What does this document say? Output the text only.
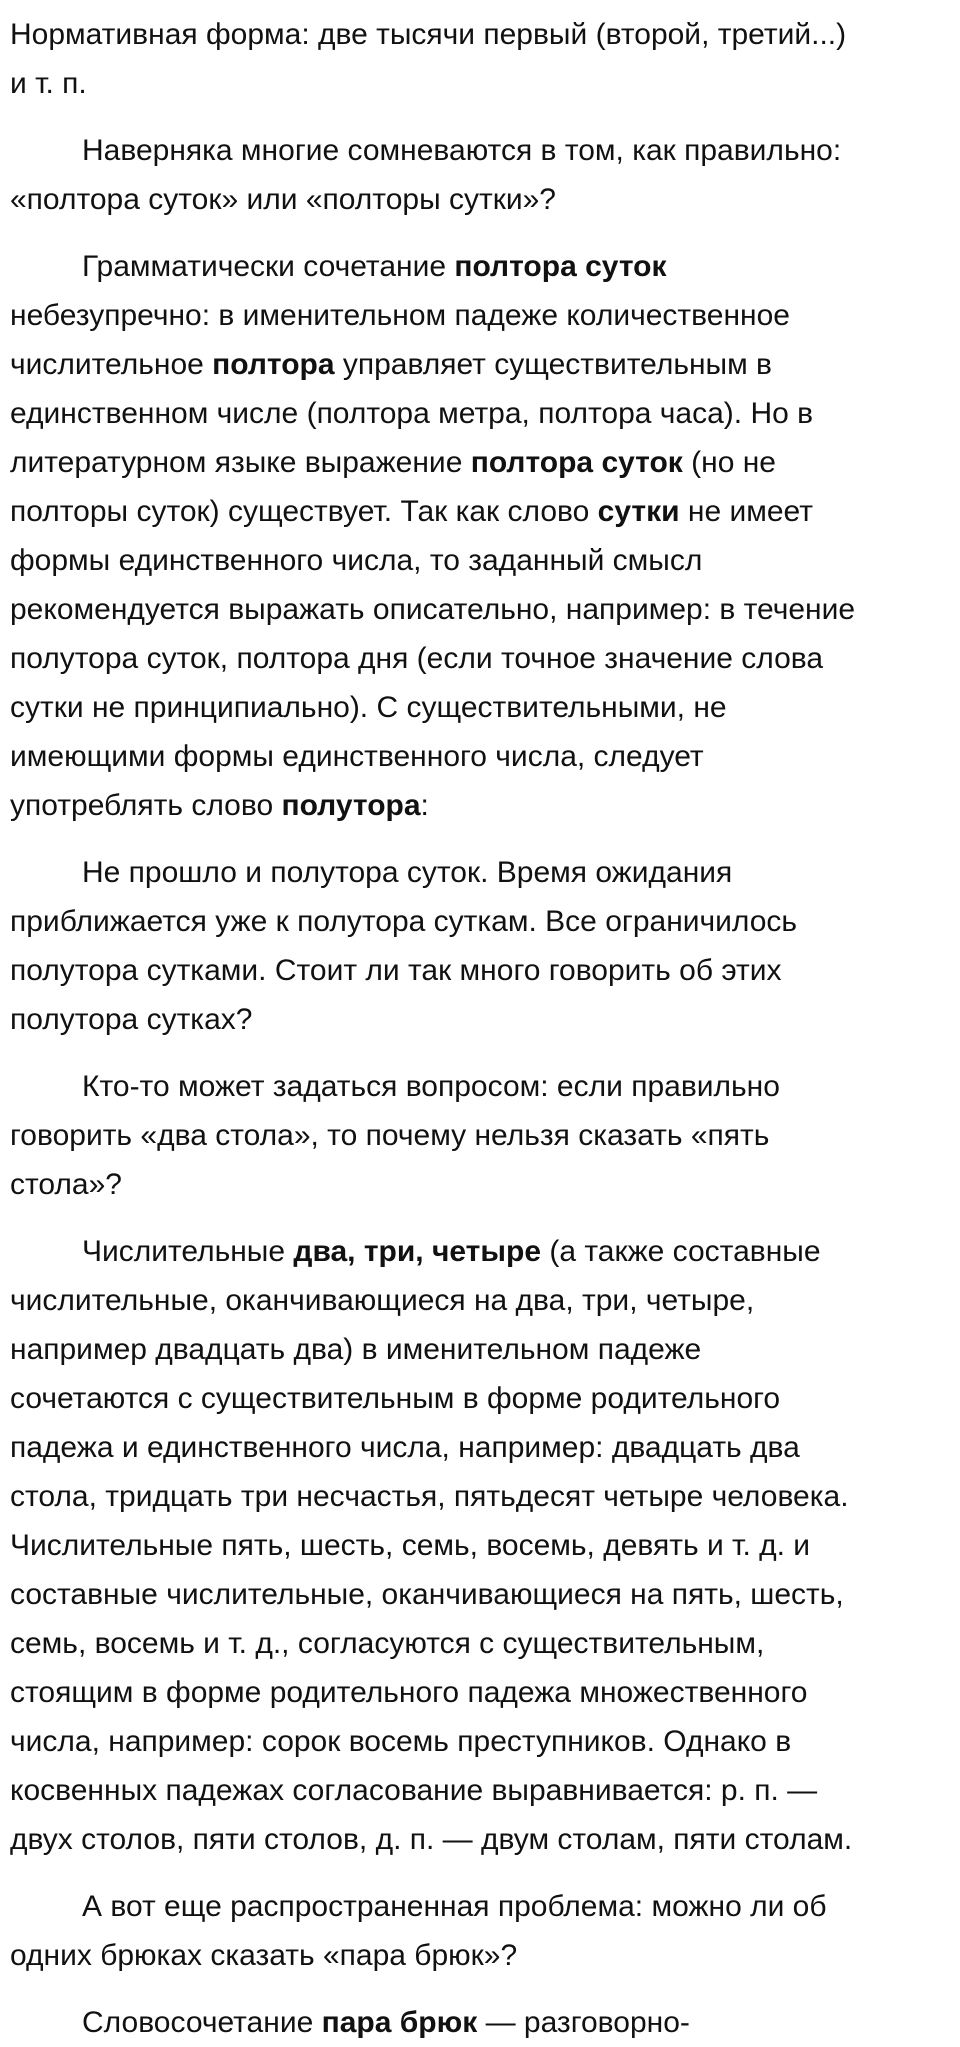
Нормативная форма: две тысячи первый (второй, третий...)
и т. п.
Наверняка многие сомневаются в том, как правильно:
«полтора суток» или «полторы сутки»?
Грамматически сочетание полтора суток
небезупречно: в именительном падеже количественное
числительное полтора управляет существительным в
единственном числе (полтора метра, полтора часа). Но в
литературном языке выражение полтора суток (но не
полторы суток) существует. Так как слово сутки не имеет
формы единственного числа, то заданный смысл
рекомендуется выражать описательно, например: в течение
полутора суток, полтора дня (если точное значение слова
сутки не принципиально). С существительными, не
имеющими формы единственного числа, следует
употреблять слово полутора:
Не прошло и полутора суток. Время ожидания
приближается уже к полутора суткам. Все ограничилось
полутора сутками. Стоит ли так много говорить об этих
полутора сутках?
Кто-то может задаться вопросом: если правильно
говорить «два стола», то почему нельзя сказать «пять
стола»?
Числительные два, три, четыре (а также составные
числительные, оканчивающиеся на два, три, четыре,
например двадцать два) в именительном падеже
сочетаются с существительным в форме родительного
падежа и единственного числа, например: двадцать два
стола, тридцать три несчастья, пятьдесят четыре человека.
Числительные пять, шесть, семь, восемь, девять и т. д. и
составные числительные, оканчивающиеся на пять, шесть,
семь, восемь и т. д., согласуются с существительным,
стоящим в форме родительного падежа множественного
числа, например: сорок восемь преступников. Однако в
косвенных падежах согласование выравнивается: р. п. —
двух столов, пяти столов, д. п. — двум столам, пяти столам.
А вот еще распространенная проблема: можно ли об
одних брюках сказать «пара брюк»?
Словосочетание пара брюк — разговорно-
